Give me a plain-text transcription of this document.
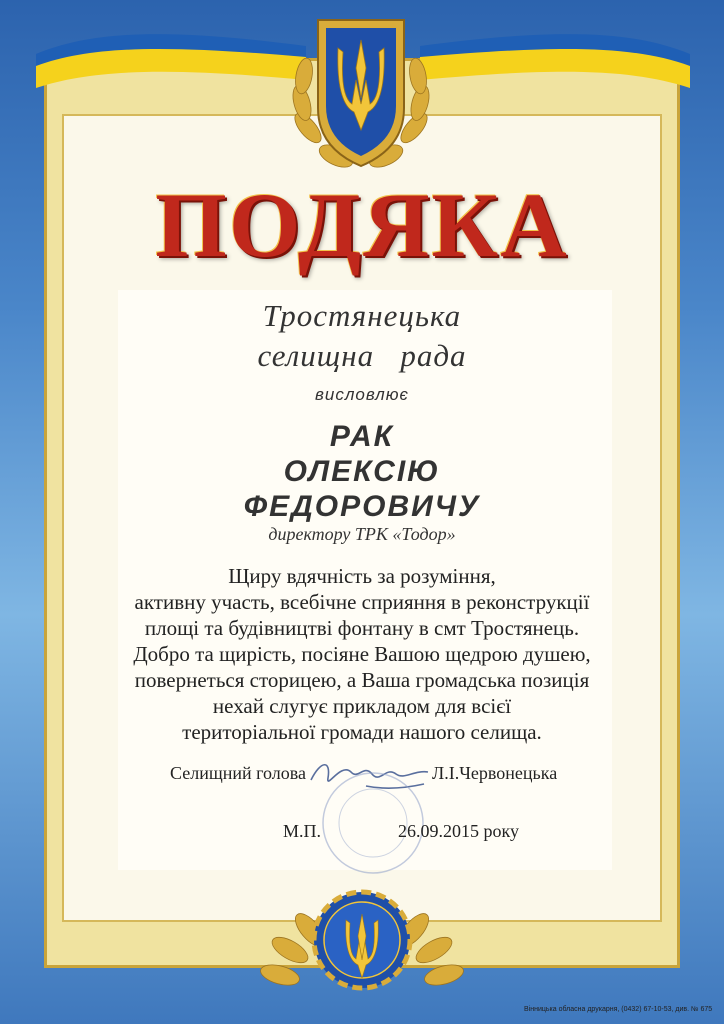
ПОДЯКА
Тростянецька
селищна   рада
висловлює
РАК
ОЛЕКСІЮ
ФЕДОРОВИЧУ
директору ТРК «Тодор»
Щиру вдячність за розуміння,
активну участь, всебічне сприяння в реконструкції
площі та будівництві фонтану в смт Тростянець.
Добро та щирість, посіяне Вашою щедрою душею,
повернеться сторицею, а Ваша громадська позиція
нехай слугує прикладом для всієї
територіальної громади нашого селища.
Селищний голова	Л.І.Червонецька
М.П.	26.09.2015 року
Вінницька обласна друкарня, (0432) 67-10-53, див. № 675
